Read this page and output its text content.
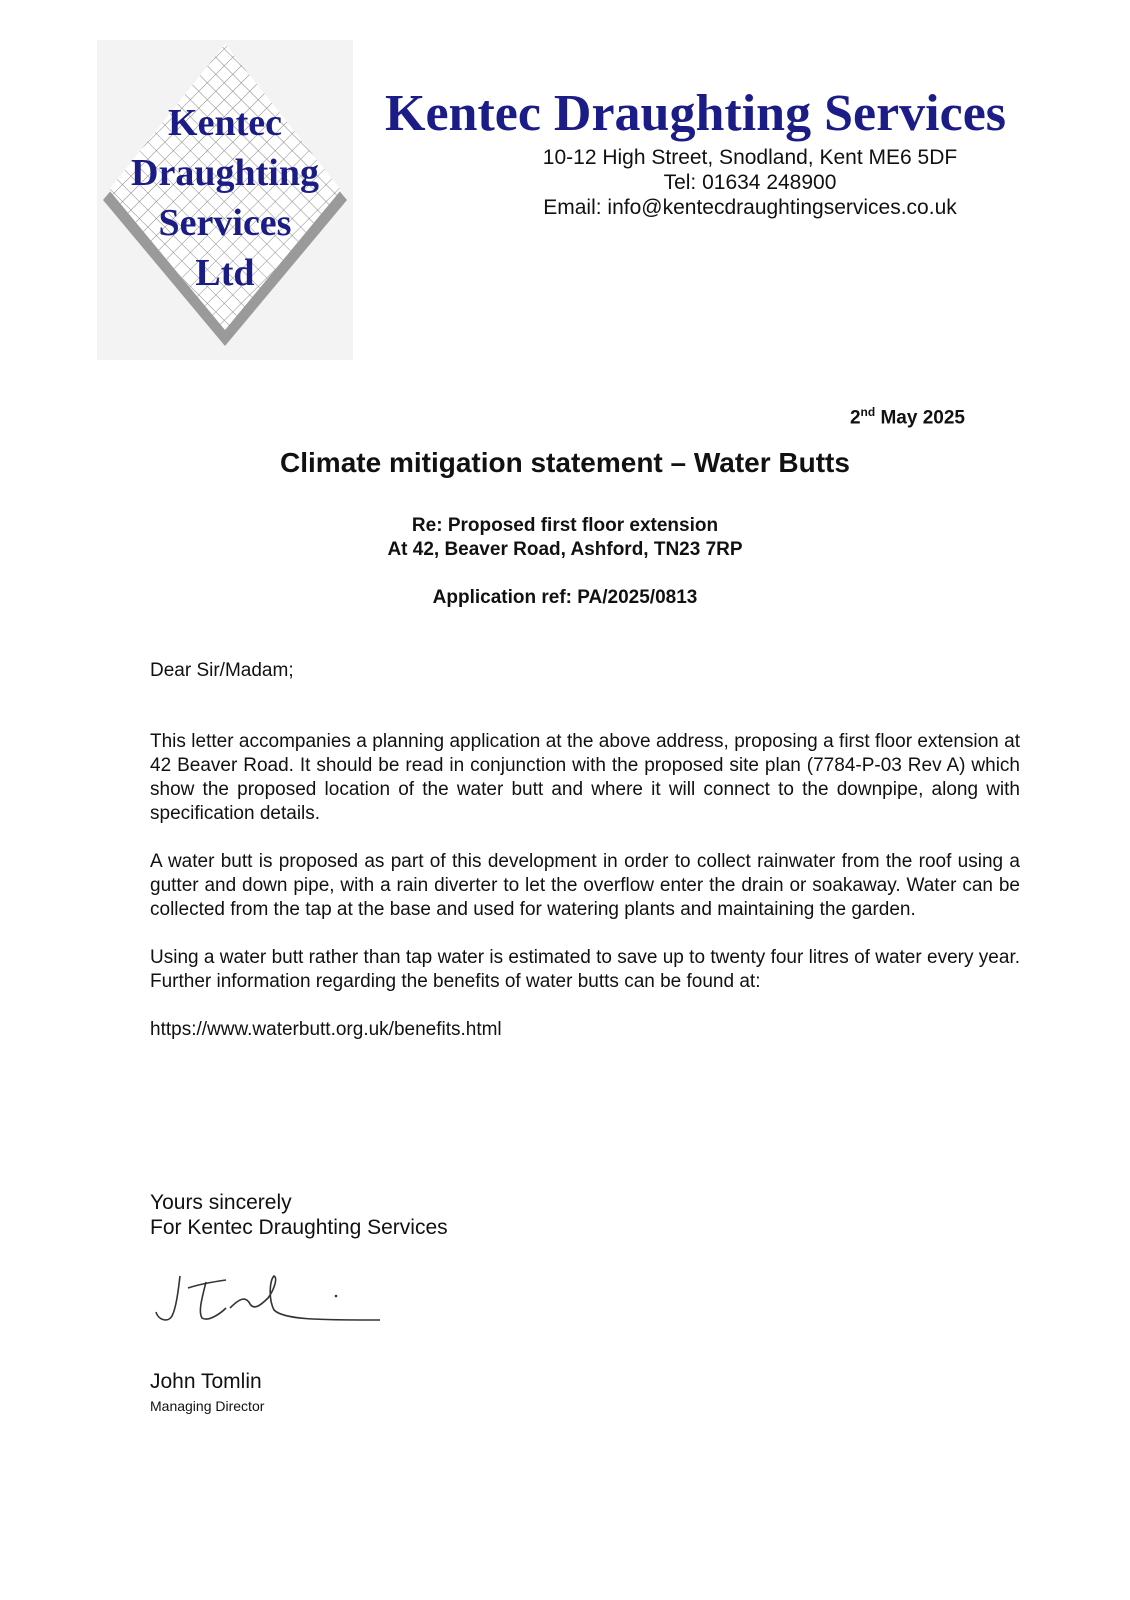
Kentec
Draughting
Services
Ltd
Kentec Draughting Services
10-12 High Street, Snodland, Kent ME6 5DF
Tel: 01634 248900
Email: info@kentecdraughtingservices.co.uk
2nd May 2025
Climate mitigation statement – Water Butts
Re: Proposed first floor extension
At 42, Beaver Road, Ashford, TN23 7RP
Application ref: PA/2025/0813
Dear Sir/Madam;

This letter accompanies a planning application at the above address, proposing a first floor extension at 42 Beaver Road. It should be read in conjunction with the proposed site plan (7784-P-03 Rev A) which show the proposed location of the water butt and where it will connect to the downpipe, along with specification details.

A water butt is proposed as part of this development in order to collect rainwater from the roof using a gutter and down pipe, with a rain diverter to let the overflow enter the drain or soakaway. Water can be collected from the tap at the base and used for watering plants and maintaining the garden.

Using a water butt rather than tap water is estimated to save up to twenty four litres of water every year. Further information regarding the benefits of water butts can be found at:

https://www.waterbutt.org.uk/benefits.html

Yours sincerely
For Kentec Draughting Services
John Tomlin
Managing Director
